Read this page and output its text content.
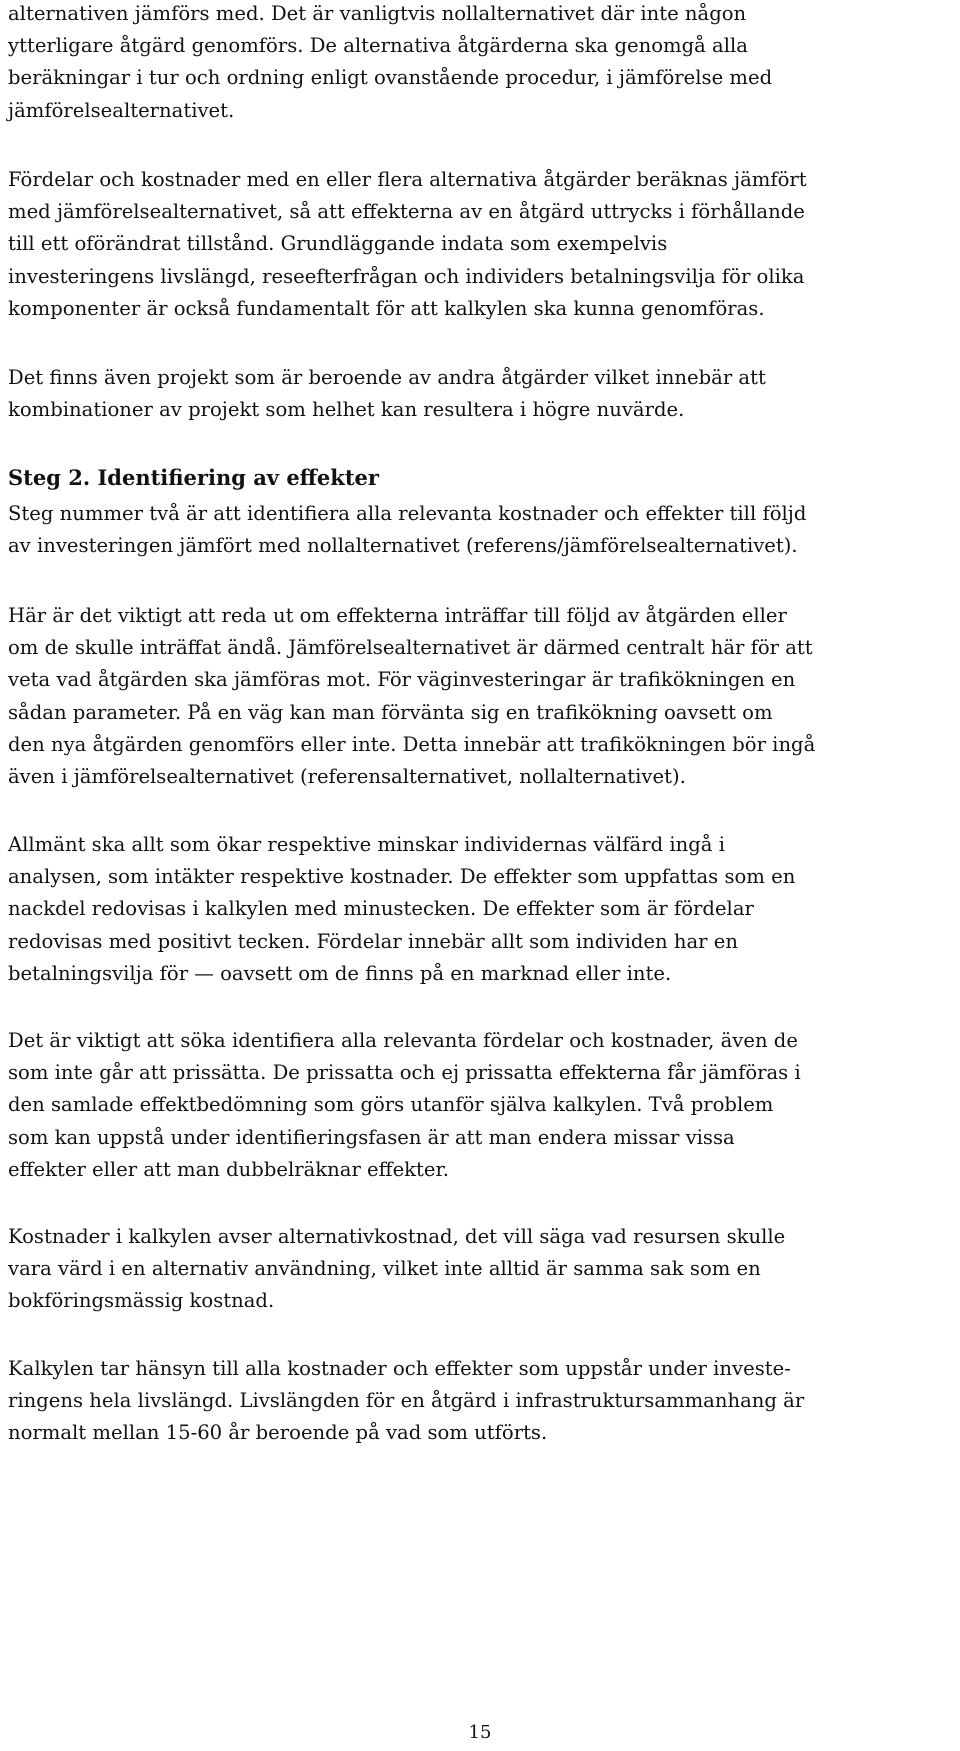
alternativen jämförs med. Det är vanligtvis nollalternativet där inte någon
ytterligare åtgärd genomförs. De alternativa åtgärderna ska genomgå alla
beräkningar i tur och ordning enligt ovanstående procedur, i jämförelse med
jämförelsealternativet.

Fördelar och kostnader med en eller flera alternativa åtgärder beräknas jämfört
med jämförelsealternativet, så att effekterna av en åtgärd uttrycks i förhållande
till ett oförändrat tillstånd. Grundläggande indata som exempelvis
investeringens livslängd, reseefterfrågan och individers betalningsvilja för olika
komponenter är också fundamentalt för att kalkylen ska kunna genomföras.

Det finns även projekt som är beroende av andra åtgärder vilket innebär att
kombinationer av projekt som helhet kan resultera i högre nuvärde.

Steg 2. Identifiering av effekter

Steg nummer två är att identifiera alla relevanta kostnader och effekter till följd
av investeringen jämfört med nollalternativet (referens/jämförelsealternativet).

Här är det viktigt att reda ut om effekterna inträffar till följd av åtgärden eller
om de skulle inträffat ändå. Jämförelsealternativet är därmed centralt här för att
veta vad åtgärden ska jämföras mot. För väginvesteringar är trafikökningen en
sådan parameter. På en väg kan man förvänta sig en trafikökning oavsett om
den nya åtgärden genomförs eller inte. Detta innebär att trafikökningen bör ingå
även i jämförelsealternativet (referensalternativet, nollalternativet).

Allmänt ska allt som ökar respektive minskar individernas välfärd ingå i
analysen, som intäkter respektive kostnader. De effekter som uppfattas som en
nackdel redovisas i kalkylen med minustecken. De effekter som är fördelar
redovisas med positivt tecken. Fördelar innebär allt som individen har en
betalningsvilja för — oavsett om de finns på en marknad eller inte.

Det är viktigt att söka identifiera alla relevanta fördelar och kostnader, även de
som inte går att prissätta. De prissatta och ej prissatta effekterna får jämföras i
den samlade effektbedömning som görs utanför själva kalkylen. Två problem
som kan uppstå under identifieringsfasen är att man endera missar vissa
effekter eller att man dubbelräknar effekter.

Kostnader i kalkylen avser alternativkostnad, det vill säga vad resursen skulle
vara värd i en alternativ användning, vilket inte alltid är samma sak som en
bokföringsmässig kostnad.

Kalkylen tar hänsyn till alla kostnader och effekter som uppstår under investe-
ringens hela livslängd. Livslängden för en åtgärd i infrastruktursammanhang är
normalt mellan 15-60 år beroende på vad som utförts.

15
